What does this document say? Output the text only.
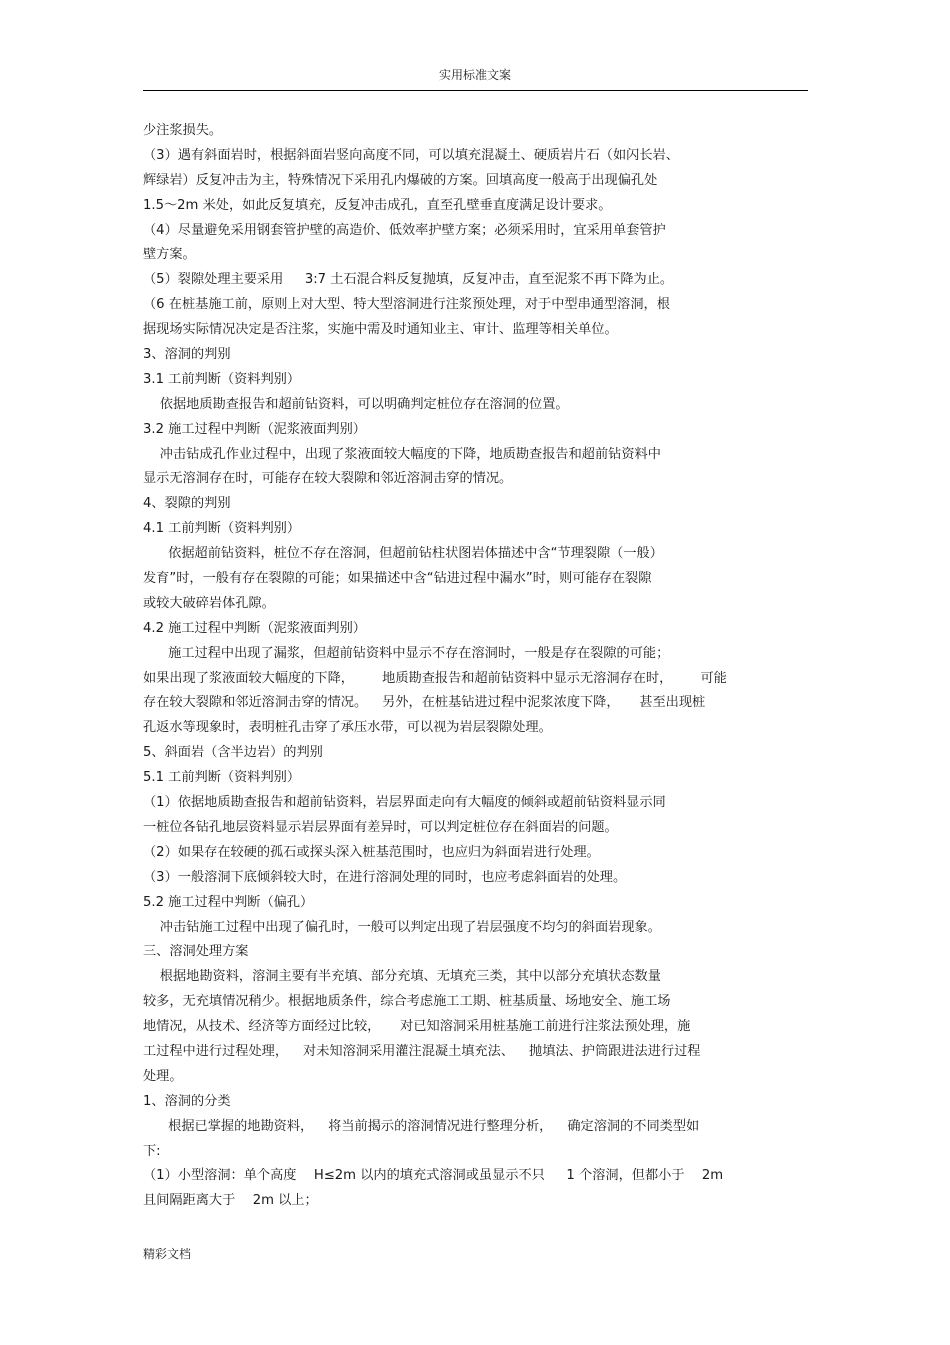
实用标准文案
少注浆损失。
（3）遇有斜面岩时，根据斜面岩竖向高度不同，可以填充混凝土、硬质岩片石（如闪长岩、
辉绿岩）反复冲击为主，特殊情况下采用孔内爆破的方案。回填高度一般高于出现偏孔处
1.5～2m 米处，如此反复填充，反复冲击成孔，直至孔壁垂直度满足设计要求。
（4）尽量避免采用钢套管护壁的高造价、低效率护壁方案；必须采用时，宜采用单套管护
壁方案。
（5）裂隙处理主要采用　  3:7 土石混合料反复抛填，反复冲击，直至泥浆不再下降为止。
（6 在桩基施工前，原则上对大型、特大型溶洞进行注浆预处理，对于中型串通型溶洞，根
据现场实际情况决定是否注浆，实施中需及时通知业主、审计、监理等相关单位。
3、溶洞的判别
3.1 工前判断（资料判别）
依据地质勘查报告和超前钻资料，可以明确判定桩位存在溶洞的位置。
3.2 施工过程中判断（泥浆液面判别）
冲击钻成孔作业过程中，出现了浆液面较大幅度的下降，地质勘查报告和超前钻资料中
显示无溶洞存在时，可能存在较大裂隙和邻近溶洞击穿的情况。
4、裂隙的判别
4.1 工前判断（资料判别）
依据超前钻资料，桩位不存在溶洞，但超前钻柱状图岩体描述中含“节理裂隙（一般）
发育”时，一般有存在裂隙的可能；如果描述中含“钻进过程中漏水”时，则可能存在裂隙
或较大破碎岩体孔隙。
4.2 施工过程中判断（泥浆液面判别）
施工过程中出现了漏浆，但超前钻资料中显示不存在溶洞时，一般是存在裂隙的可能；
如果出现了浆液面较大幅度的下降，　　  地质勘查报告和超前钻资料中显示无溶洞存在时，　　  可能
存在较大裂隙和邻近溶洞击穿的情况。　  另外，在桩基钻进过程中泥浆浓度下降，　　甚至出现桩
孔返水等现象时，表明桩孔击穿了承压水带，可以视为岩层裂隙处理。
5、斜面岩（含半边岩）的判别
5.1 工前判断（资料判别）
（1）依据地质勘查报告和超前钻资料，岩层界面走向有大幅度的倾斜或超前钻资料显示同
一桩位各钻孔地层资料显示岩层界面有差异时，可以判定桩位存在斜面岩的问题。
（2）如果存在较硬的孤石或探头深入桩基范围时，也应归为斜面岩进行处理。
（3）一般溶洞下底倾斜较大时，在进行溶洞处理的同时，也应考虑斜面岩的处理。
5.2 施工过程中判断（偏孔）
冲击钻施工过程中出现了偏孔时，一般可以判定出现了岩层强度不均匀的斜面岩现象。
三、溶洞处理方案
根据地勘资料，溶洞主要有半充填、部分充填、无填充三类，其中以部分充填状态数量
较多，无充填情况稍少。根据地质条件，综合考虑施工工期、桩基质量、场地安全、施工场
地情况，从技术、经济等方面经过比较，　　对已知溶洞采用桩基施工前进行注浆法预处理，施
工过程中进行过程处理，　  对未知溶洞采用灌注混凝土填充法、　  抛填法、护筒跟进法进行过程
处理。
1、溶洞的分类
根据已掌握的地勘资料，　  将当前揭示的溶洞情况进行整理分析，　  确定溶洞的不同类型如
下:
（1）小型溶洞：单个高度　 H≤2m 以内的填充式溶洞或虽显示不只　  1 个溶洞，但都小于　 2m
且间隔距离大于　 2m 以上；
精彩文档
